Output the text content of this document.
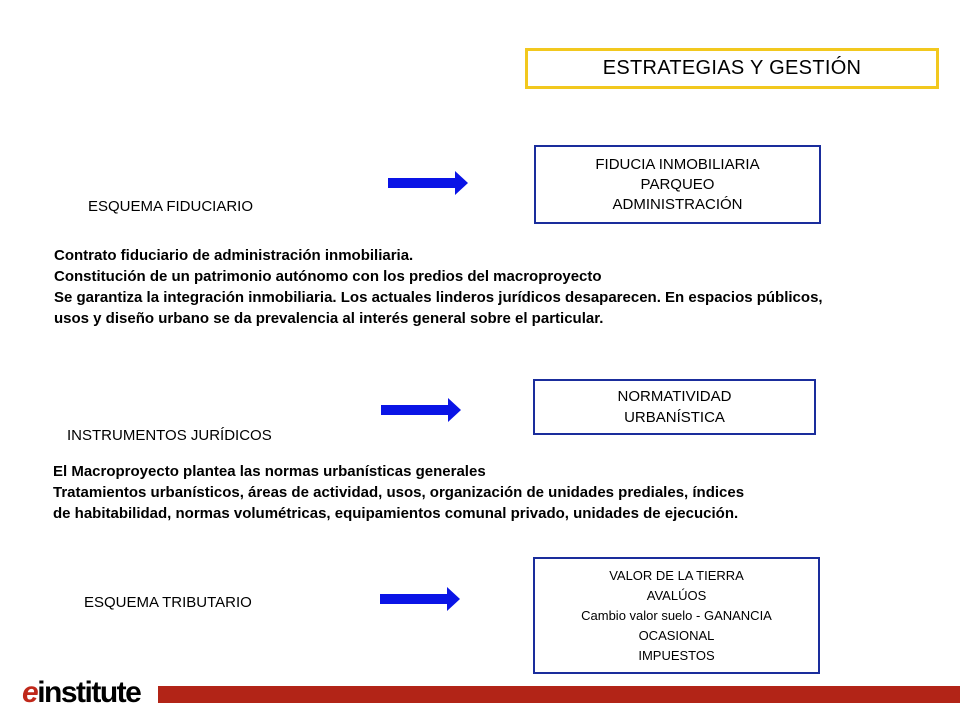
ESTRATEGIAS Y GESTIÓN
ESQUEMA FIDUCIARIO
FIDUCIA INMOBILIARIA
PARQUEO
ADMINISTRACIÓN
Contrato fiduciario de administración inmobiliaria.
Constitución de un patrimonio autónomo con los predios del macroproyecto
Se garantiza la integración inmobiliaria. Los actuales linderos jurídicos desaparecen. En espacios públicos, usos y diseño urbano se da prevalencia al interés general sobre el particular.
INSTRUMENTOS JURÍDICOS
NORMATIVIDAD
URBANÍSTICA
El Macroproyecto plantea las normas urbanísticas generales
Tratamientos urbanísticos, áreas de actividad, usos, organización de unidades prediales, índices
de habitabilidad, normas volumétricas, equipamientos comunal privado, unidades de ejecución.
ESQUEMA TRIBUTARIO
VALOR DE LA TIERRA
AVALÚOS
Cambio valor suelo - GANANCIA
OCASIONAL
IMPUESTOS
einstitute
